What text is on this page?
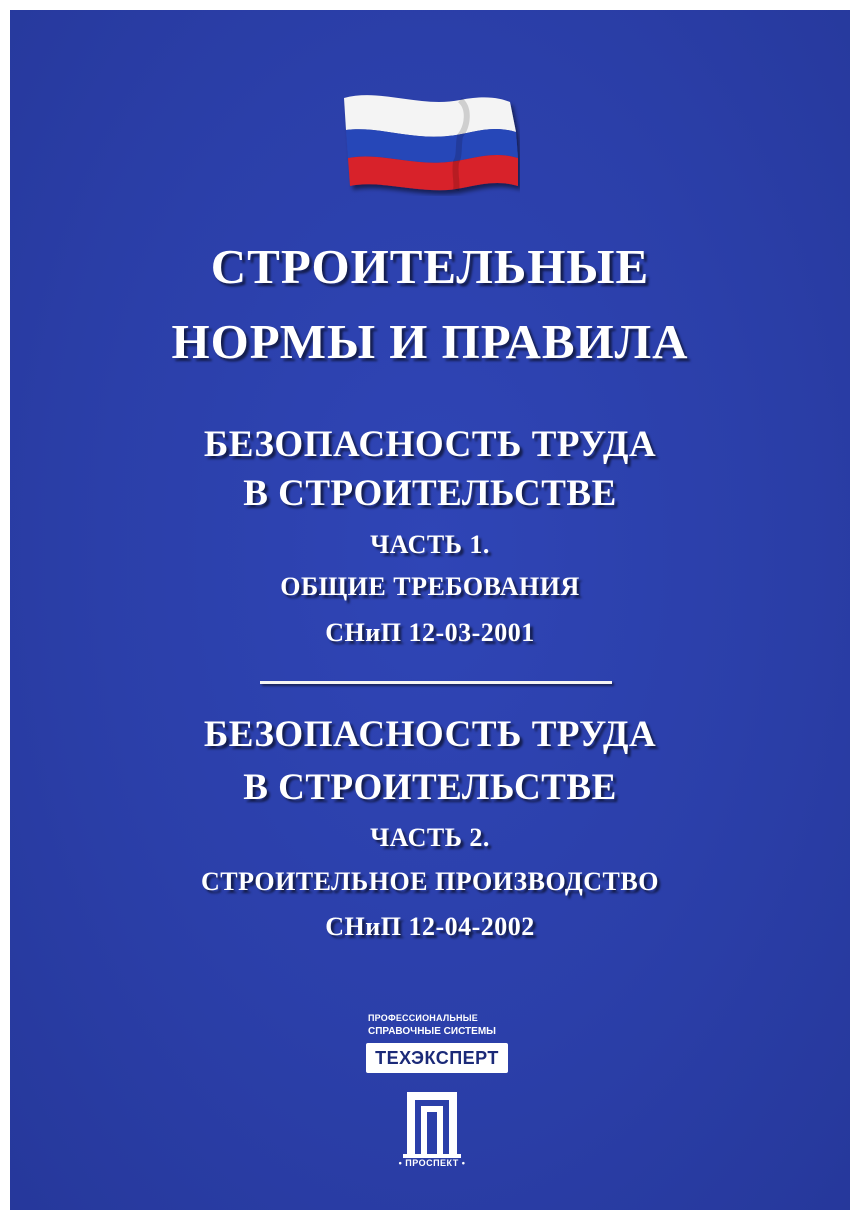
СТРОИТЕЛЬНЫЕ
НОРМЫ И ПРАВИЛА
БЕЗОПАСНОСТЬ ТРУДА
В СТРОИТЕЛЬСТВЕ
ЧАСТЬ 1.
ОБЩИЕ ТРЕБОВАНИЯ
СНиП 12-03-2001
БЕЗОПАСНОСТЬ ТРУДА
В СТРОИТЕЛЬСТВЕ
ЧАСТЬ 2.
СТРОИТЕЛЬНОЕ ПРОИЗВОДСТВО
СНиП 12-04-2002
ПРОФЕССИОНАЛЬНЫЕ
СПРАВОЧНЫЕ СИСТЕМЫ
ТЕХЭКСПЕРТ
• ПРОСПЕКТ •
